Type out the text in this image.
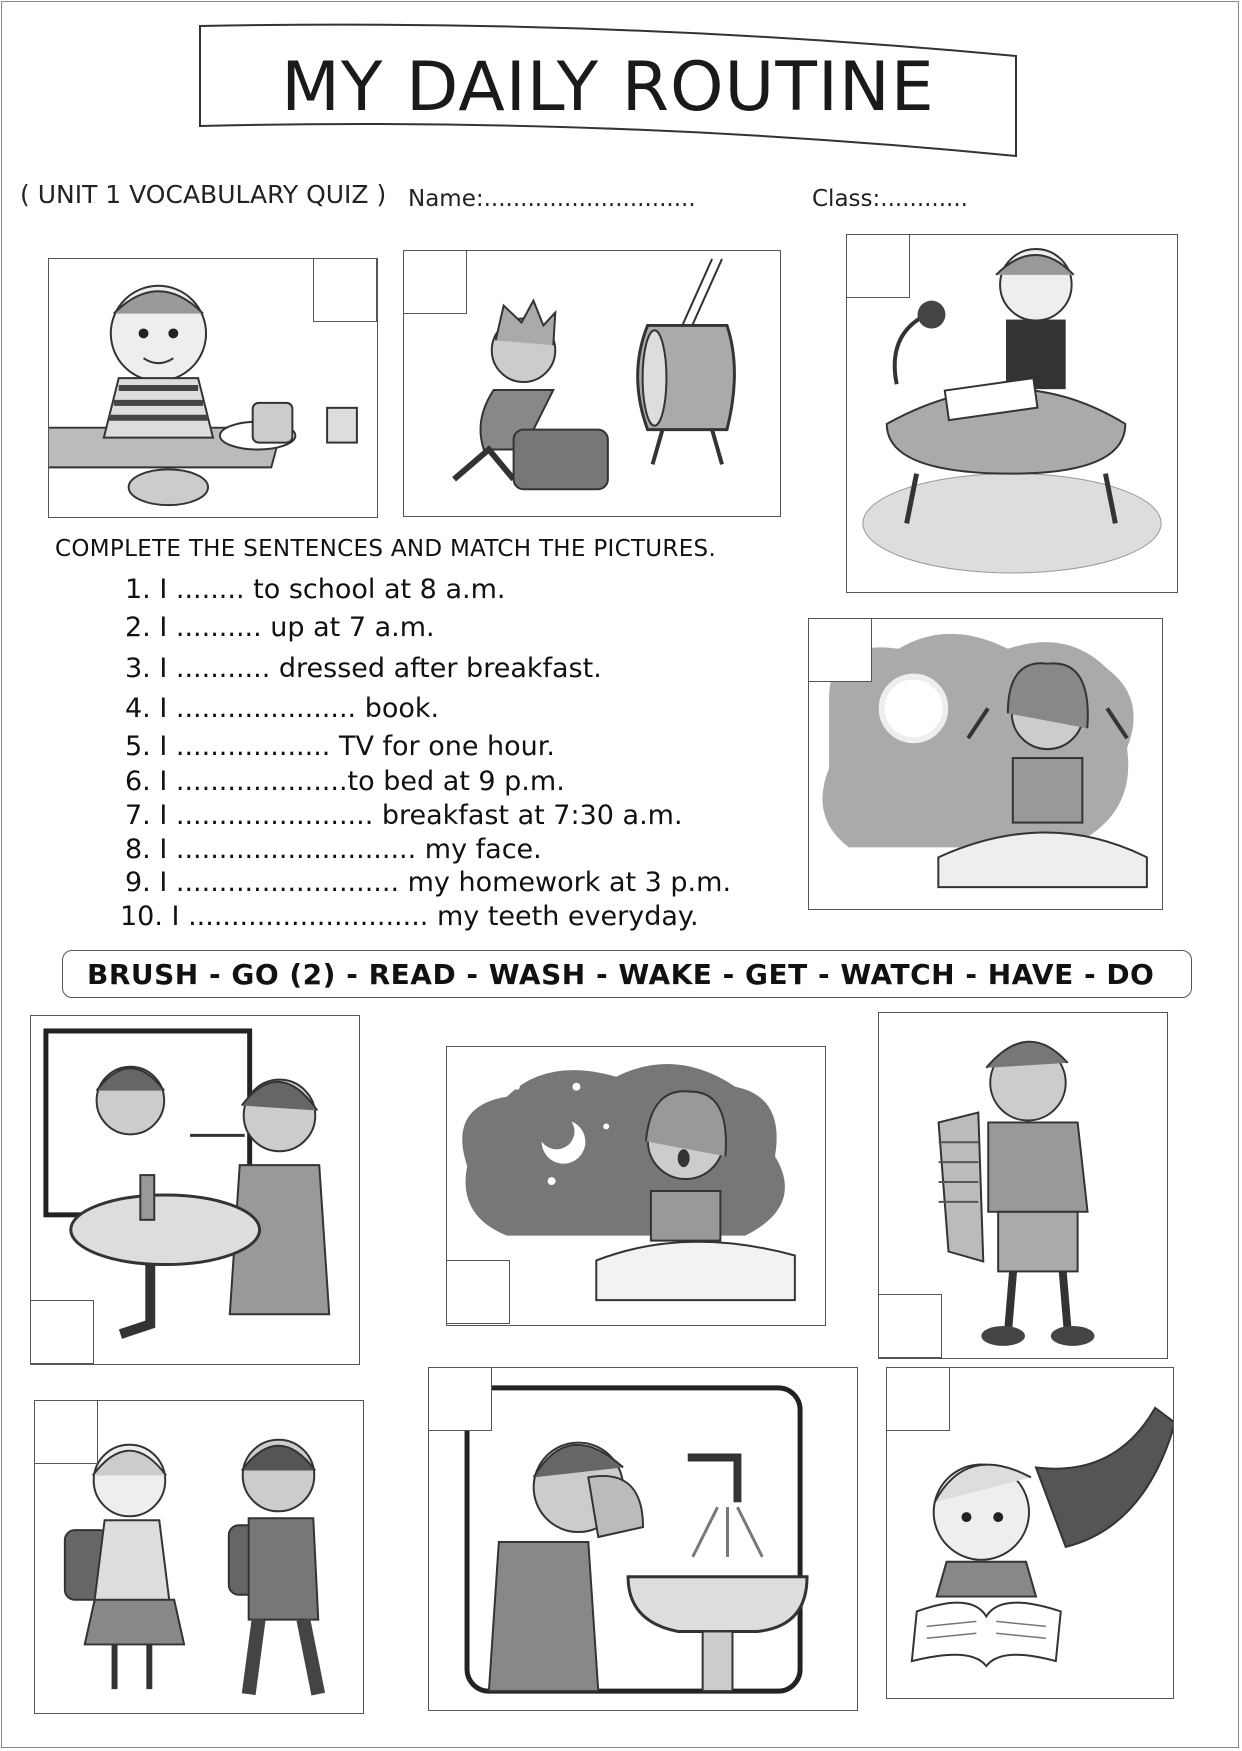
MY DAILY ROUTINE
( UNIT 1 VOCABULARY QUIZ ) Name:.............................	Class:............
COMPLETE THE SENTENCES AND MATCH THE PICTURES.
1. I ........ to school at 8 a.m.
2. I .......... up at 7 a.m.
3. I ........... dressed after breakfast.
4. I ..................... book.
5. I .................. TV for one hour.
6. I ....................to bed at 9 p.m.
7. I ....................... breakfast at 7:30 a.m.
8. I ............................ my face.
9. I .......................... my homework at 3 p.m.
10. I ............................ my teeth everyday.
BRUSH - GO (2) - READ - WASH - WAKE - GET - WATCH - HAVE - DO
